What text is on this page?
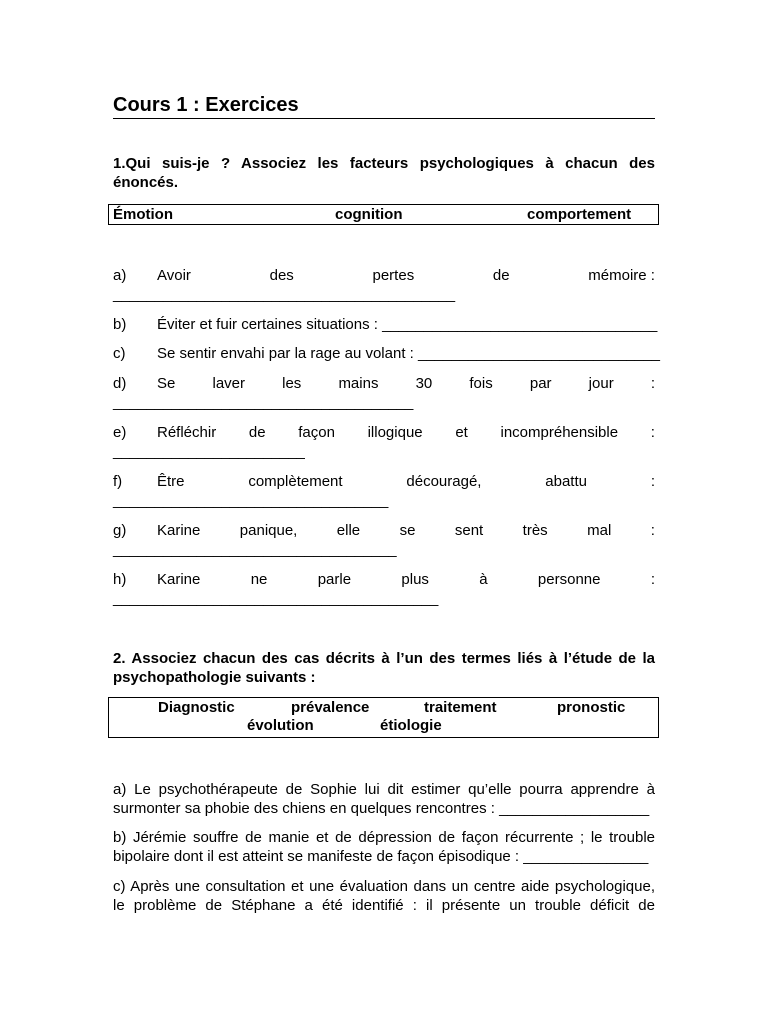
Cours 1 : Exercices
1.Qui suis-je ? Associez les facteurs psychologiques à chacun des
énoncés.
Émotion	cognition	comportement
a) Avoir	des	pertes	de	mémoire :
_________________________________________
b) Éviter et fuir certaines situations : _________________________________
c) Se sentir envahi par la rage au volant : _____________________________
d) Se laver les mains 30 fois par jour :
____________________________________
e) Réfléchir de façon illogique et incompréhensible :
_______________________
f) Être	complètement	découragé,	abattu	:
_________________________________
g) Karine	panique,	elle	se	sent	très	mal	:
__________________________________
h) Karine	ne	parle	plus	à	personne	:
_______________________________________
2. Associez chacun des cas décrits à l’un des termes liés à l’étude de la
psychopathologie suivants :
Diagnostic	prévalence	traitement	pronostic
évolution	étiologie
a) Le psychothérapeute de Sophie lui dit estimer qu’elle pourra apprendre à
surmonter sa phobie des chiens en quelques rencontres : __________________
b) Jérémie souffre de manie et de dépression de façon récurrente ; le trouble
bipolaire dont il est atteint se manifeste de façon épisodique : _______________
c) Après une consultation et une évaluation dans un centre aide psychologique,
le problème de Stéphane a été identifié : il présente un trouble déficit de
